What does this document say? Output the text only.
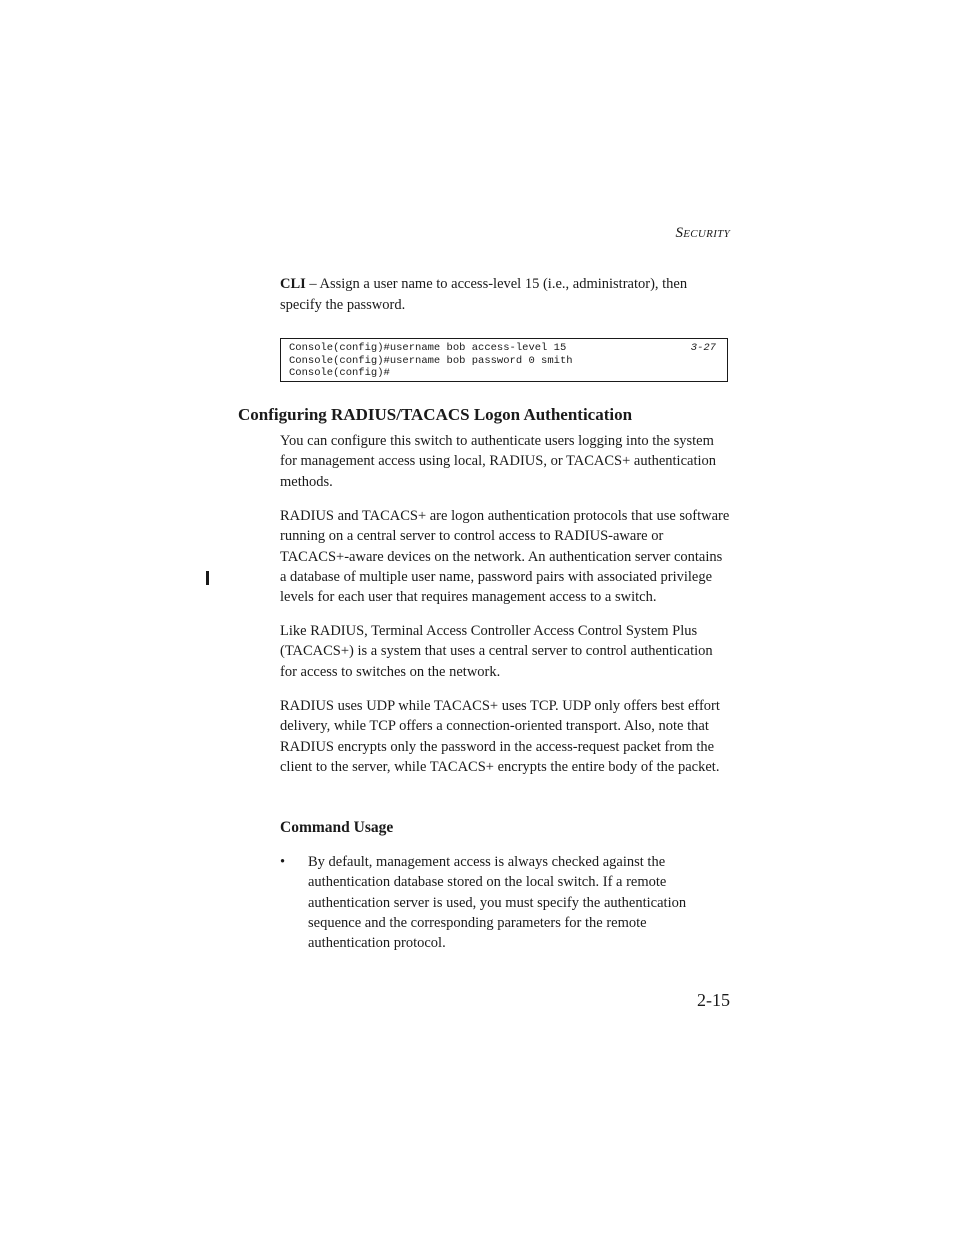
Security

CLI – Assign a user name to access-level 15 (i.e., administrator), then specify the password.

Console(config)#username bob access-level 15
Console(config)#username bob password 0 smith
Console(config)#
3-27
Configuring RADIUS/TACACS Logon Authentication

You can configure this switch to authenticate users logging into the system for management access using local, RADIUS, or TACACS+ authentication methods.

RADIUS and TACACS+ are logon authentication protocols that use software running on a central server to control access to RADIUS-aware or TACACS+-aware devices on the network. An authentication server contains a database of multiple user name, password pairs with associated privilege levels for each user that requires management access to a switch.

Like RADIUS, Terminal Access Controller Access Control System Plus (TACACS+) is a system that uses a central server to control authentication for access to switches on the network.

RADIUS uses UDP while TACACS+ uses TCP. UDP only offers best effort delivery, while TCP offers a connection-oriented transport. Also, note that RADIUS encrypts only the password in the access-request packet from the client to the server, while TACACS+ encrypts the entire body of the packet.

Command Usage
• By default, management access is always checked against the authentication database stored on the local switch. If a remote authentication server is used, you must specify the authentication sequence and the corresponding parameters for the remote authentication protocol.
2-15
